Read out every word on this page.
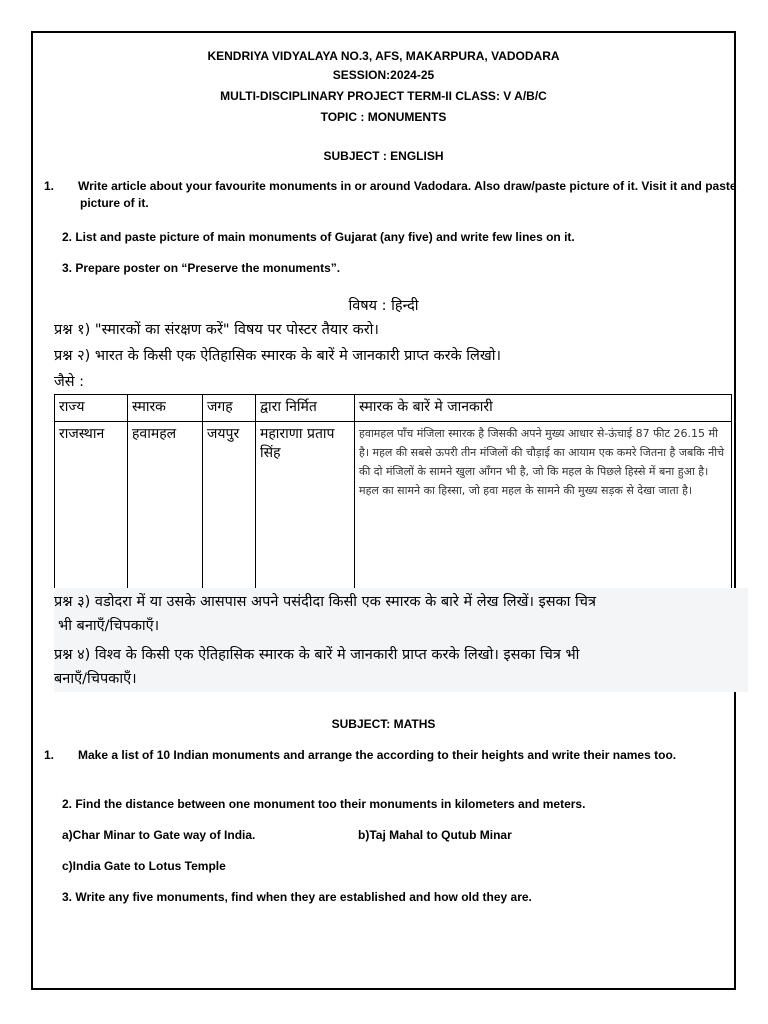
KENDRIYA VIDYALAYA NO.3, AFS, MAKARPURA, VADODARA
SESSION:2024-25
MULTI-DISCIPLINARY PROJECT TERM-II CLASS: V A/B/C
TOPIC : MONUMENTS
SUBJECT : ENGLISH
1. Write article about your favourite monuments in or around Vadodara. Also draw/paste picture of it. Visit it and paste picture of it.
2. List and paste picture of main monuments of Gujarat (any five) and write few lines on it.
3. Prepare poster on “Preserve the monuments”.
विषय : हिन्दी
प्रश्न १) "स्मारकों का संरक्षण करें" विषय पर पोस्टर तैयार करो।
प्रश्न २) भारत के किसी एक ऐतिहासिक स्मारक के बारें मे जानकारी प्राप्त करके लिखो।
जैसे :
राज्य	स्मारक	जगह	द्वारा निर्मित	स्मारक के बारें मे जानकारी
राजस्थान	हवामहल	जयपुर	महाराणा प्रताप सिंह	हवामहल पाँच मंजिला स्मारक है जिसकी अपने मुख्य आधार से-ऊंचाई 87 फीट 26.15 मी है। महल की सबसे ऊपरी तीन मंजिलों की चौड़ाई का आयाम एक कमरे जितना है जबकि नीचे की दो मंजिलों के सामने खुला आँगन भी है, जो कि महल के पिछले हिस्से में बना हुआ है। महल का सामने का हिस्सा, जो हवा महल के सामने की मुख्य सड़क से देखा जाता है।
प्रश्न ३) वडोदरा में या उसके आसपास अपने पसंदीदा किसी एक स्मारक के बारे में लेख लिखें। इसका चित्र
भी बनाएँ/चिपकाएँ।
प्रश्न ४) विश्व के किसी एक ऐतिहासिक स्मारक के बारें मे जानकारी प्राप्त करके लिखो। इसका चित्र भी
बनाएँ/चिपकाएँ।
SUBJECT: MATHS
1. Make a list of 10 Indian monuments and arrange the according to their heights and write their names too.
2. Find the distance between one monument too their monuments in kilometers and meters.
a)Char Minar to Gate way of India.	b)Taj Mahal to Qutub Minar
c)India Gate to Lotus Temple
3. Write any five monuments, find when they are established and how old they are.
